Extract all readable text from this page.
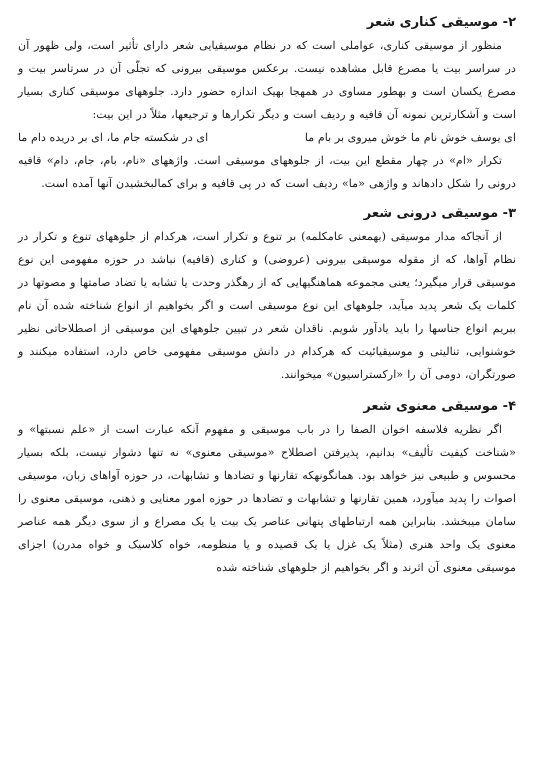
۲- موسیقی کناری شعر

منظور از موسیقی کناری، عواملی است که در نظام موسیقیایی شعر دارای تأثیر است، ولی ظهور آن در سراسر بیت یا مصرع قابل مشاهده نیست. برعکس موسیقی بیرونی که تجلّی آن در سرتاسر بیت و مصرع یکسان است و بهطور مساوی در همهجا بهیک اندازه حضور دارد. جلوههای موسیقی کناری بسیار است و آشکارترین نمونه آن قافیه و ردیف است و دیگر تکرارها و ترجیعها، مثلاً در این بیت:

ای یوسف خوش نام ما خوش میروی بر بام ما
ای در شکسته جام ما، ای بر دریده دام ما

تکرار «ام» در چهار مقطع این بیت، از جلوههای موسیقی است. واژههای «نام، بام، جام، دام» قافیه درونی را شکل دادهاند و واژهی «ما» ردیف است که در پی قافیه و برای کمالبخشیدن آنها آمده است.

۳- موسیقی درونی شعر

از آنجاکه مدار موسیقی (بهمعنی عامکلمه) بر تنوع و تکرار است، هرکدام از جلوههای تنوع و تکرار در نظام آواها، که از مقوله موسیقی بیرونی (عروضی) و کناری (قافیه) نباشد در حوزه مفهومی این نوع موسیقی قرار میگیرد؛ یعنی مجموعه هماهنگیهایی که از رهگذر وحدت یا تشابه یا تضاد صامتها و مصوتها در کلمات یک شعر پدید میآید، جلوههای این نوع موسیقی است و اگر بخواهیم از انواع شناخته شده آن نام ببریم انواع جناسها را باید یادآور شویم. ناقدان شعر در تبیین جلوههای این موسیقی از اصطلاحاتی نظیر خوشنوایی، تناليتی و موسیقیائیت که هرکدام در دانش موسیقی مفهومی خاص دارد، استفاده میکنند و صورتگران، دومی آن را «ارکستراسیون» میخوانند.

۴- موسیقی معنوی شعر

اگر نظریه فلاسفه اخوان الصفا را در باب موسیقی و مفهوم آنکه عبارت است از «علم نسبتها» و «شناخت کیفیت تألیف» بدانیم، پذیرفتن اصطلاح «موسیقی معنوی» نه تنها دشوار نیست، بلکه بسیار محسوس و طبیعی نیز خواهد بود. همانگونهکه تقارنها و تضادها و تشابهات، در حوزه آواهای زبان، موسیقی اصوات را پدید میآورد، همین تقارنها و تشابهات و تضادها در حوزه امور معنایی و ذهنی، موسیقی معنوی را سامان میبخشد. بنابراین همه ارتباطهای پنهانی عناصر یک بیت یا یک مصراع و از سوی دیگر همه عناصر معنوی یک واحد هنری (مثلاً یک غزل یا یک قصیده و یا منظومه، خواه کلاسیک و خواه مدرن) اجزای موسیقی معنوی آن اثرند و اگر بخواهیم از جلوههای شناخته شده
